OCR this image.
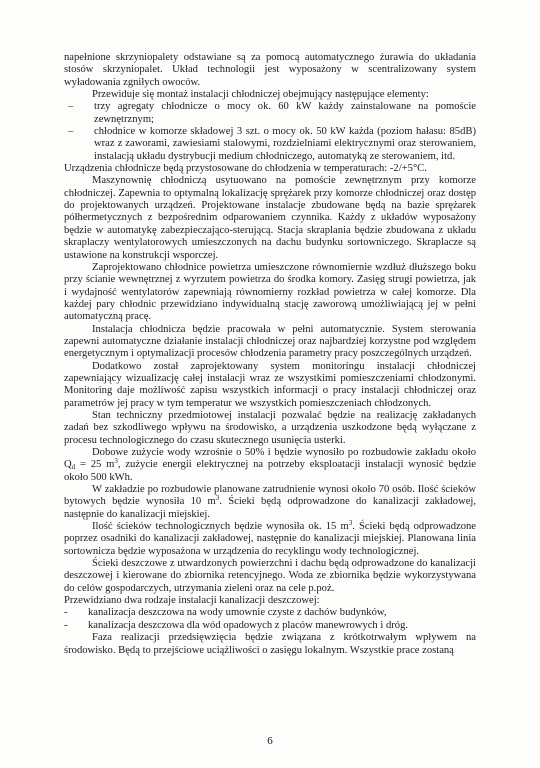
napełnione skrzyniopalety odstawiane są za pomocą automatycznego żurawia do układania stosów skrzyniopalet. Układ technologii jest wyposażony w scentralizowany system wyładowania zgniłych owoców.

Przewiduje się montaż instalacji chłodniczej obejmujący następujące elementy:

– trzy agregaty chłodnicze o mocy ok. 60 kW każdy zainstalowane na pomoście zewnętrznym;
– chłodnice w komorze składowej 3 szt. o mocy ok. 50 kW każda (poziom hałasu: 85dB) wraz z zaworami, zawiesiami stalowymi, rozdzielniami elektrycznymi oraz sterowaniem, instalacją układu dystrybucji medium chłodniczego, automatyką ze sterowaniem, itd.

Urządzenia chłodnicze będą przystosowane do chłodzenia w temperaturach: -2/+5°C.

Maszynownię chłodniczą usytuowano na pomoście zewnętrznym przy komorze chłodniczej. Zapewnia to optymalną lokalizację sprężarek przy komorze chłodniczej oraz dostęp do projektowanych urządzeń. Projektowane instalacje zbudowane będą na bazie sprężarek półhermetycznych z bezpośrednim odparowaniem czynnika. Każdy z układów wyposażony będzie w automatykę zabezpieczająco-sterującą. Stacja skraplania będzie zbudowana z układu skraplaczy wentylatorowych umieszczonych na dachu budynku sortowniczego. Skraplacze są ustawione na konstrukcji wsporczej.

Zaprojektowano chłodnice powietrza umieszczone równomiernie wzdłuż dłuższego boku przy ścianie wewnętrznej z wyrzutem powietrza do środka komory. Zasięg strugi powietrza, jak i wydajność wentylatorów zapewniają równomierny rozkład powietrza w całej komorze. Dla każdej pary chłodnic przewidziano indywidualną stację zaworową umożliwiającą jej w pełni automatyczną pracę.

Instalacja chłodnicza będzie pracowała w pełni automatycznie. System sterowania zapewni automatyczne działanie instalacji chłodniczej oraz najbardziej korzystne pod względem energetycznym i optymalizacji procesów chłodzenia parametry pracy poszczególnych urządzeń.

Dodatkowo został zaprojektowany system monitoringu instalacji chłodniczej zapewniający wizualizację całej instalacji wraz ze wszystkimi pomieszczeniami chłodzonymi. Monitoring daje możliwość zapisu wszystkich informacji o pracy instalacji chłodniczej oraz parametrów jej pracy w tym temperatur we wszystkich pomieszczeniach chłodzonych.

Stan techniczny przedmiotowej instalacji pozwalać będzie na realizację zakładanych zadań bez szkodliwego wpływu na środowisko, a urządzenia uszkodzone będą wyłączane z procesu technologicznego do czasu skutecznego usunięcia usterki.

Dobowe zużycie wody wzrośnie o 50% i będzie wynosiło po rozbudowie zakładu około $Q_d = 25$ $m^3$, zużycie energii elektrycznej na potrzeby eksploatacji instalacji wynosić będzie około 500 kWh.

W zakładzie po rozbudowie planowane zatrudnienie wynosi około 70 osób. Ilość ścieków bytowych będzie wynosiła 10 $m^3$. Ścieki będą odprowadzone do kanalizacji zakładowej, następnie do kanalizacji miejskiej.

Ilość ścieków technologicznych będzie wynosiła ok. 15 $m^3$. Ścieki będą odprowadzone poprzez osadniki do kanalizacji zakładowej, następnie do kanalizacji miejskiej. Planowana linia sortownicza będzie wyposażona w urządzenia do recyklingu wody technologicznej.

Ścieki deszczowe z utwardzonych powierzchni i dachu będą odprowadzone do kanalizacji deszczowej i kierowane do zbiornika retencyjnego. Woda ze zbiornika będzie wykorzystywana do celów gospodarczych, utrzymania zieleni oraz na cele p.poż.

Przewidziano dwa rodzaje instalacji kanalizacji deszczowej:

- kanalizacja deszczowa na wody umownie czyste z dachów budynków,
- kanalizacja deszczowa dla wód opadowych z placów manewrowych i dróg.

Faza realizacji przedsięwzięcia będzie związana z krótkotrwałym wpływem na środowisko. Będą to przejściowe uciążliwości o zasięgu lokalnym. Wszystkie prace zostaną

6
